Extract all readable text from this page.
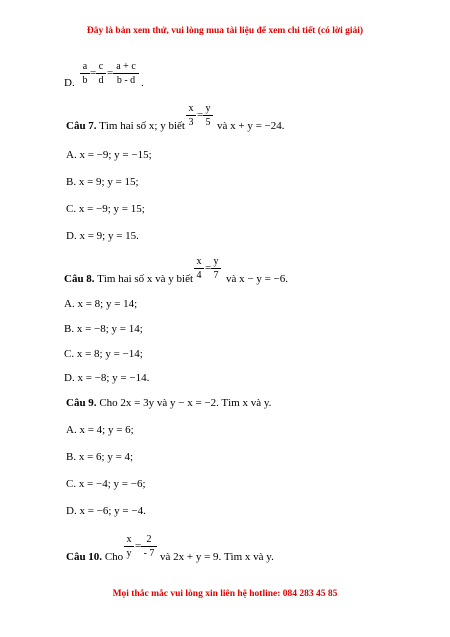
Đây là bản xem thử, vui lòng mua tài liệu để xem chi tiết (có lời giải)
D.
a
b
=
c
d
=
a + c
b - d .
Câu 7. Tìm hai số x; y biết
x
3
=
y
5 và x + y = −24.
A. x = −9; y = −15;
B. x = 9; y = 15;
C. x = −9; y = 15;
D. x = 9; y = 15.
Câu 8. Tìm hai số x và y biết
x
4
=
y
7 và x − y = −6.
A. x = 8; y = 14;
B. x = −8; y = 14;
C. x = 8; y = −14;
D. x = −8; y = −14.
Câu 9. Cho 2x = 3y và y − x = −2. Tìm x và y.
A. x = 4; y = 6;
B. x = 6; y = 4;
C. x = −4; y = −6;
D. x = −6; y = −4.
Câu 10. Cho
x
y
=
2
- 7 và 2x + y = 9. Tìm x và y.
Mọi thắc mắc vui lòng xin liên hệ hotline: 084 283 45 85
